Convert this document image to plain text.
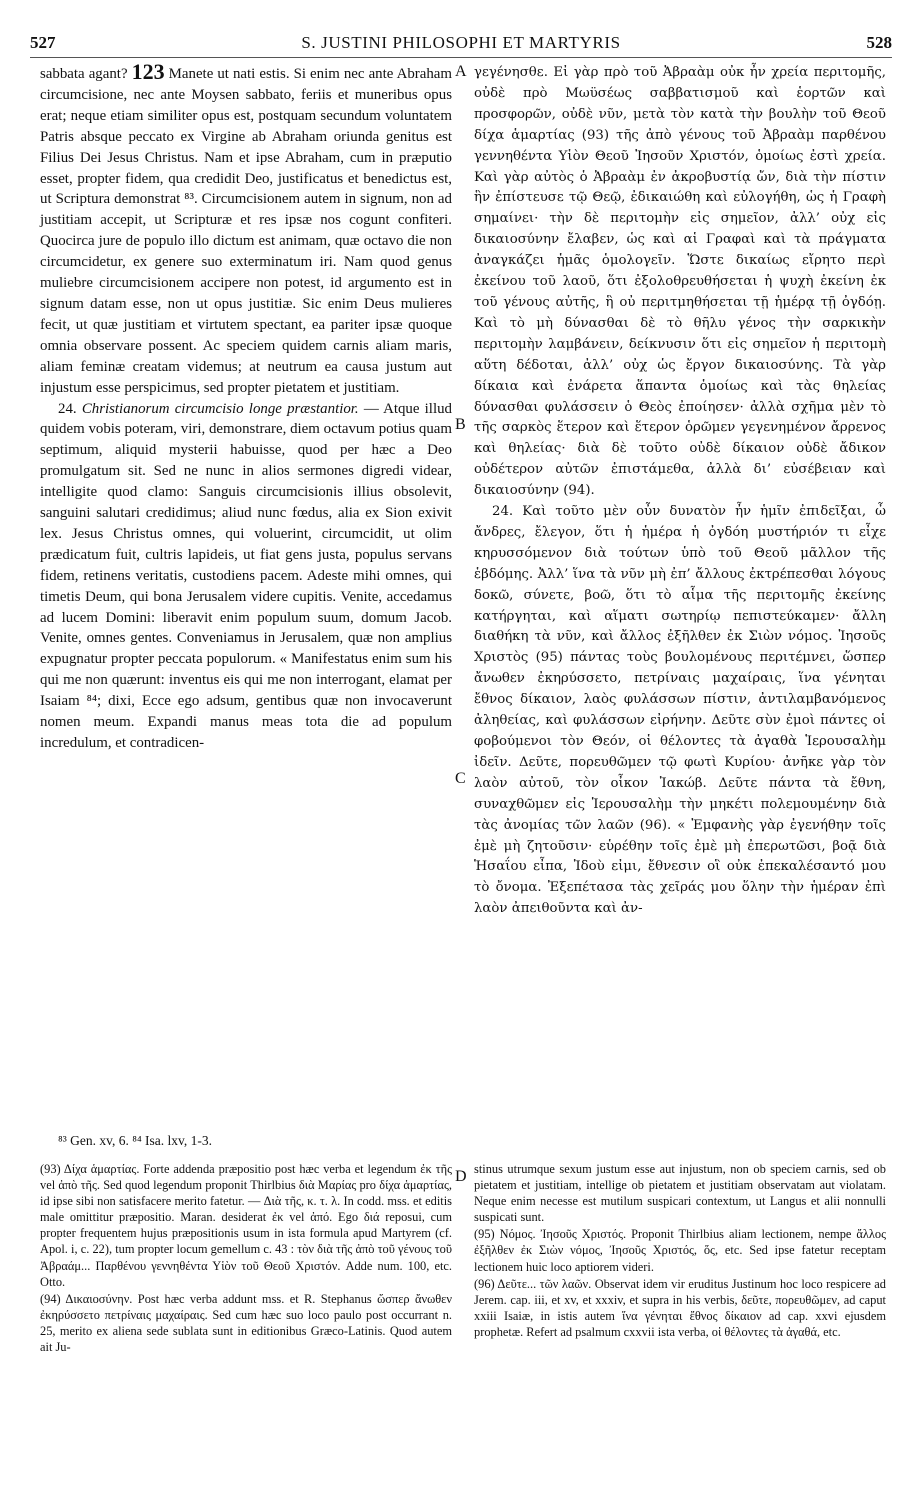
527	S. JUSTINI PHILOSOPHI ET MARTYRIS	528

sabbata agant? 123 Manete ut nati estis. Si enim nec ante Abraham circumcisione, nec ante Moysen sabbato, feriis et muneribus opus erat; neque etiam similiter opus est, postquam secundum voluntatem Patris absque peccato ex Virgine ab Abraham oriunda genitus est Filius Dei Jesus Christus. Nam et ipse Abraham, cum in præputio esset, propter fidem, qua credidit Deo, justificatus et benedictus est, ut Scriptura demonstrat ⁸³. Circumcisionem autem in signum, non ad justitiam accepit, ut Scripturæ et res ipsæ nos cogunt confiteri. Quocirca jure de populo illo dictum est animam, quæ octavo die non circumcidetur, ex genere suo exterminatum iri. Nam quod genus muliebre circumcisionem accipere non potest, id argumento est in signum datam esse, non ut opus justitiæ. Sic enim Deus mulieres fecit, ut quæ justitiam et virtutem spectant, ea pariter ipsæ quoque omnia observare possent. Ac speciem quidem carnis aliam maris, aliam feminæ creatam videmus; at neutrum ea causa justum aut injustum esse perspicimus, sed propter pietatem et justitiam.

24. Christianorum circumcisio longe præstantior. — Atque illud quidem vobis poteram, viri, demonstrare, diem octavum potius quam septimum, aliquid mysterii habuisse, quod per hæc a Deo promulgatum sit. Sed ne nunc in alios sermones digredi videar, intelligite quod clamo: Sanguis circumcisionis illius obsolevit, sanguini salutari credidimus; aliud nunc fœdus, alia ex Sion exivit lex. Jesus Christus omnes, qui voluerint, circumcidit, ut olim prædicatum fuit, cultris lapideis, ut fiat gens justa, populus servans fidem, retinens veritatis, custodiens pacem. Adeste mihi omnes, qui timetis Deum, qui bona Jerusalem videre cupitis. Venite, accedamus ad lucem Domini: liberavit enim populum suum, domum Jacob. Venite, omnes gentes. Conveniamus in Jerusalem, quæ non amplius expugnatur propter peccata populorum. « Manifestatus enim sum his qui me non quærunt: inventus eis qui me non interrogant, elamat per Isaiam ⁸⁴; dixi, Ecce ego adsum, gentibus quæ non invocaverunt nomen meum. Expandi manus meas tota die ad populum incredulum, et contradicen-

γεγένησθε. Εἰ γὰρ πρὸ τοῦ Ἀβραὰμ οὐκ ἦν χρεία περιτομῆς, οὐδὲ πρὸ Μωϋσέως σαββατισμοῦ καὶ ἑορτῶν καὶ προσφορῶν, οὐδὲ νῦν, μετὰ τὸν κατὰ τὴν βουλὴν τοῦ Θεοῦ δίχα ἁμαρτίας (93) τῆς ἀπὸ γένους τοῦ Ἀβραὰμ παρθένου γεννηθέντα Υἱὸν Θεοῦ Ἰησοῦν Χριστόν, ὁμοίως ἐστὶ χρεία. Καὶ γὰρ αὐτὸς ὁ Ἀβραὰμ ἐν ἀκροβυστίᾳ ὤν, διὰ τὴν πίστιν ἣν ἐπίστευσε τῷ Θεῷ, ἐδικαιώθη καὶ εὐλογήθη, ὡς ἡ Γραφὴ σημαίνει· τὴν δὲ περιτομὴν εἰς σημεῖον, ἀλλ’ οὐχ εἰς δικαιοσύνην ἔλαβεν, ὡς καὶ αἱ Γραφαὶ καὶ τὰ πράγματα ἀναγκάζει ἡμᾶς ὁμολογεῖν. Ὥστε δικαίως εἴρητο περὶ ἐκείνου τοῦ λαοῦ, ὅτι ἐξολοθρευθήσεται ἡ ψυχὴ ἐκείνη ἐκ τοῦ γένους αὐτῆς, ἣ οὐ περιτμηθήσεται τῇ ἡμέρᾳ τῇ ὀγδόῃ. Καὶ τὸ μὴ δύνασθαι δὲ τὸ θῆλυ γένος τὴν σαρκικὴν περιτομὴν λαμβάνειν, δείκνυσιν ὅτι εἰς σημεῖον ἡ περιτομὴ αὕτη δέδοται, ἀλλ’ οὐχ ὡς ἔργον δικαιοσύνης. Τὰ γὰρ δίκαια καὶ ἐνάρετα ἅπαντα ὁμοίως καὶ τὰς θηλείας δύνασθαι φυλάσσειν ὁ Θεὸς ἐποίησεν· ἀλλὰ σχῆμα μὲν τὸ τῆς σαρκὸς ἕτερον καὶ ἕτερον ὁρῶμεν γεγενημένον ἄρρενος καὶ θηλείας· διὰ δὲ τοῦτο οὐδὲ δίκαιον οὐδὲ ἄδικον οὐδέτερον αὐτῶν ἐπιστάμεθα, ἀλλὰ δι’ εὐσέβειαν καὶ δικαιοσύνην (94).

24. Καὶ τοῦτο μὲν οὖν δυνατὸν ἦν ἡμῖν ἐπιδεῖξαι, ὦ ἄνδρες, ἔλεγον, ὅτι ἡ ἡμέρα ἡ ὀγδόη μυστήριόν τι εἶχε κηρυσσόμενον διὰ τούτων ὑπὸ τοῦ Θεοῦ μᾶλλον τῆς ἑβδόμης. Ἀλλ’ ἵνα τὰ νῦν μὴ ἐπ’ ἄλλους ἐκτρέπεσθαι λόγους δοκῶ, σύνετε, βοῶ, ὅτι τὸ αἷμα τῆς περιτομῆς ἐκείνης κατήργηται, καὶ αἵματι σωτηρίῳ πεπιστεύκαμεν· ἄλλη διαθήκη τὰ νῦν, καὶ ἄλλος ἐξῆλθεν ἐκ Σιὼν νόμος. Ἰησοῦς Χριστὸς (95) πάντας τοὺς βουλομένους περιτέμνει, ὥσπερ ἄνωθεν ἐκηρύσσετο, πετρίναις μαχαίραις, ἵνα γένηται ἔθνος δίκαιον, λαὸς φυλάσσων πίστιν, ἀντιλαμβανόμενος ἀληθείας, καὶ φυλάσσων εἰρήνην. Δεῦτε σὺν ἐμοὶ πάντες οἱ φοβούμενοι τὸν Θεόν, οἱ θέλοντες τὰ ἀγαθὰ Ἱερουσαλὴμ ἰδεῖν. Δεῦτε, πορευθῶμεν τῷ φωτὶ Κυρίου· ἀνῆκε γὰρ τὸν λαὸν αὐτοῦ, τὸν οἶκον Ἰακώβ. Δεῦτε πάντα τὰ ἔθνη, συναχθῶμεν εἰς Ἱερουσαλὴμ τὴν μηκέτι πολεμουμένην διὰ τὰς ἀνομίας τῶν λαῶν (96). « Ἐμφανὴς γὰρ ἐγενήθην τοῖς ἐμὲ μὴ ζητοῦσιν· εὑρέθην τοῖς ἐμὲ μὴ ἐπερωτῶσι, βοᾷ διὰ Ἡσαΐου εἶπα, Ἰδοὺ εἰμι, ἔθνεσιν οἳ οὐκ ἐπεκαλέσαντό μου τὸ ὄνομα. Ἐξεπέτασα τὰς χεῖράς μου ὅλην τὴν ἡμέραν ἐπὶ λαὸν ἀπειθοῦντα καὶ ἀν-

A
B
C
D
⁸³ Gen. xv, 6. ⁸⁴ Isa. lxv, 1-3.

(93) Δίχα ἁμαρτίας. Forte addenda præpositio post hæc verba et legendum ἐκ τῆς vel ἀπὸ τῆς. Sed quod legendum proponit Thirlbius διὰ Μαρίας pro δίχα ἁμαρτίας, id ipse sibi non satisfacere merito fatetur. — Διὰ τῆς, κ. τ. λ. In codd. mss. et editis male omittitur præpositio. Maran. desiderat ἐκ vel ἀπό. Ego διά reposui, cum propter frequentem hujus præpositionis usum in ista formula apud Martyrem (cf. Apol. i, c. 22), tum propter locum gemellum c. 43 : τὸν διὰ τῆς ἀπὸ τοῦ γένους τοῦ Ἀβραάμ... Παρθένου γεννηθέντα Υἱὸν τοῦ Θεοῦ Χριστόν. Adde num. 100, etc. Otto.

(94) Δικαιοσύνην. Post hæc verba addunt mss. et R. Stephanus ὥσπερ ἄνωθεν ἐκηρύσσετο πετρίναις μαχαίραις. Sed cum hæc suo loco paulo post occurrant n. 25, merito ex aliena sede sublata sunt in editionibus Græco-Latinis. Quod autem ait Ju-

stinus utrumque sexum justum esse aut injustum, non ob speciem carnis, sed ob pietatem et justitiam, intellige ob pietatem et justitiam observatam aut violatam. Neque enim necesse est mutilum suspicari contextum, ut Langus et alii nonnulli suspicati sunt.

(95) Νόμος. Ἰησοῦς Χριστός. Proponit Thirlbius aliam lectionem, nempe ἄλλος ἐξῆλθεν ἐκ Σιὼν νόμος, Ἰησοῦς Χριστός, ὅς, etc. Sed ipse fatetur receptam lectionem huic loco aptiorem videri.

(96) Δεῦτε... τῶν λαῶν. Observat idem vir eruditus Justinum hoc loco respicere ad Jerem. cap. iii, et xv, et xxxiv, et supra in his verbis, δεῦτε, πορευθῶμεν, ad caput xxiii Isaiæ, in istis autem ἵνα γένηται ἔθνος δίκαιον ad cap. xxvi ejusdem prophetæ. Refert ad psalmum cxxvii ista verba, οἱ θέλοντες τὰ ἀγαθά, etc.
